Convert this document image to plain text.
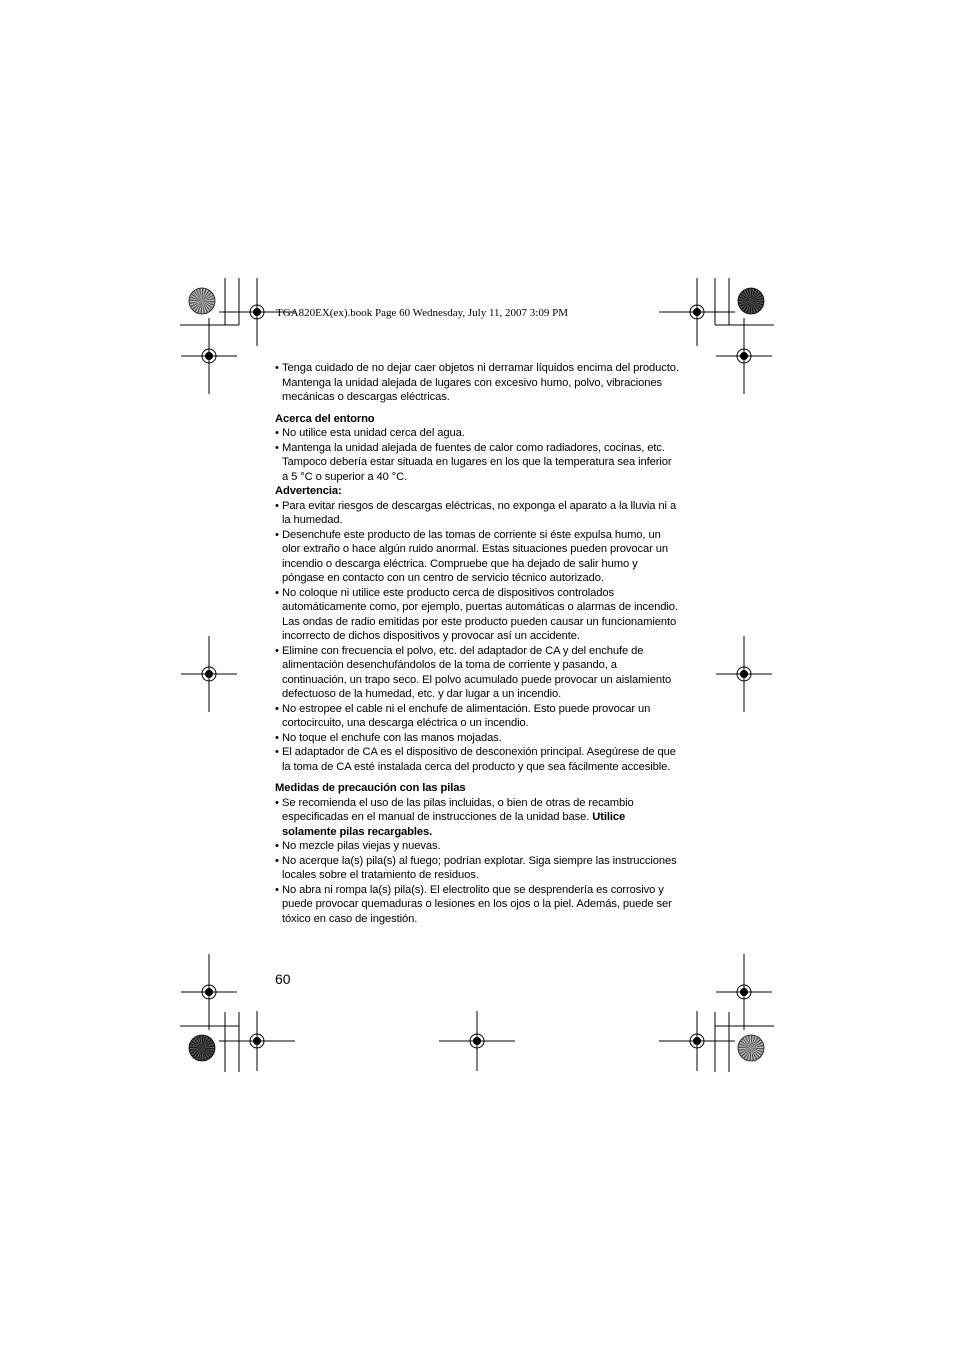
TGA820EX(ex).book Page 60 Wednesday, July 11, 2007 3:09 PM
• Tenga cuidado de no dejar caer objetos ni derramar líquidos encima del producto. Mantenga la unidad alejada de lugares con excesivo humo, polvo, vibraciones mecánicas o descargas eléctricas.

Acerca del entorno

• No utilice esta unidad cerca del agua.
• Mantenga la unidad alejada de fuentes de calor como radiadores, cocinas, etc. Tampoco debería estar situada en lugares en los que la temperatura sea inferior a 5 °C o superior a 40 °C.

Advertencia:

• Para evitar riesgos de descargas eléctricas, no exponga el aparato a la lluvia ni a la humedad.
• Desenchufe este producto de las tomas de corriente si éste expulsa humo, un olor extraño o hace algún ruido anormal. Estas situaciones pueden provocar un incendio o descarga eléctrica. Compruebe que ha dejado de salir humo y póngase en contacto con un centro de servicio técnico autorizado.
• No coloque ni utilice este producto cerca de dispositivos controlados automáticamente como, por ejemplo, puertas automáticas o alarmas de incendio. Las ondas de radio emitidas por este producto pueden causar un funcionamiento incorrecto de dichos dispositivos y provocar así un accidente.
• Elimine con frecuencia el polvo, etc. del adaptador de CA y del enchufe de alimentación desenchufándolos de la toma de corriente y pasando, a continuación, un trapo seco. El polvo acumulado puede provocar un aislamiento defectuoso de la humedad, etc. y dar lugar a un incendio.
• No estropee el cable ni el enchufe de alimentación. Esto puede provocar un cortocircuito, una descarga eléctrica o un incendio.
• No toque el enchufe con las manos mojadas.
• El adaptador de CA es el dispositivo de desconexión principal. Asegúrese de que la toma de CA esté instalada cerca del producto y que sea fácilmente accesible.

Medidas de precaución con las pilas

• Se recomienda el uso de las pilas incluidas, o bien de otras de recambio especificadas en el manual de instrucciones de la unidad base. Utilice solamente pilas recargables.
• No mezcle pilas viejas y nuevas.
• No acerque la(s) pila(s) al fuego; podrían explotar. Siga siempre las instrucciones locales sobre el tratamiento de residuos.
• No abra ni rompa la(s) pila(s). El electrolito que se desprendería es corrosivo y puede provocar quemaduras o lesiones en los ojos o la piel. Además, puede ser tóxico en caso de ingestión.
60
